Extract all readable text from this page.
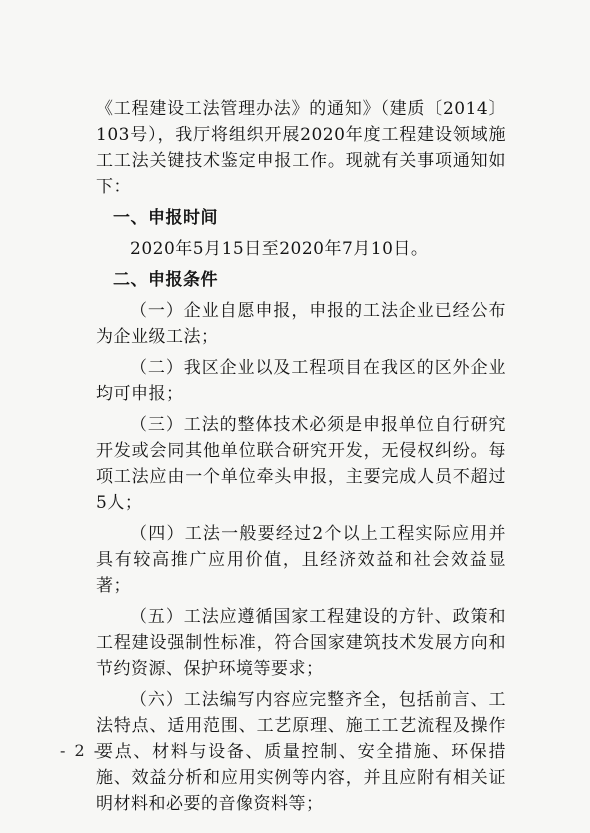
《工程建设工法管理办法》的通知》（建质〔2014〕103号），我厅将组织开展2020年度工程建设领域施工工法关键技术鉴定申报工作。现就有关事项通知如下：

一、申报时间

2020年5月15日至2020年7月10日。

二、申报条件

（一）企业自愿申报，申报的工法企业已经公布为企业级工法；

（二）我区企业以及工程项目在我区的区外企业均可申报；

（三）工法的整体技术必须是申报单位自行研究开发或会同其他单位联合研究开发，无侵权纠纷。每项工法应由一个单位牵头申报，主要完成人员不超过5人；

（四）工法一般要经过2个以上工程实际应用并具有较高推广应用价值，且经济效益和社会效益显著；

（五）工法应遵循国家工程建设的方针、政策和工程建设强制性标准，符合国家建筑技术发展方向和节约资源、保护环境等要求；

（六）工法编写内容应完整齐全，包括前言、工法特点、适用范围、工艺原理、施工工艺流程及操作要点、材料与设备、质量控制、安全措施、环保措施、效益分析和应用实例等内容，并且应附有相关证明材料和必要的音像资料等；

- 2 -
